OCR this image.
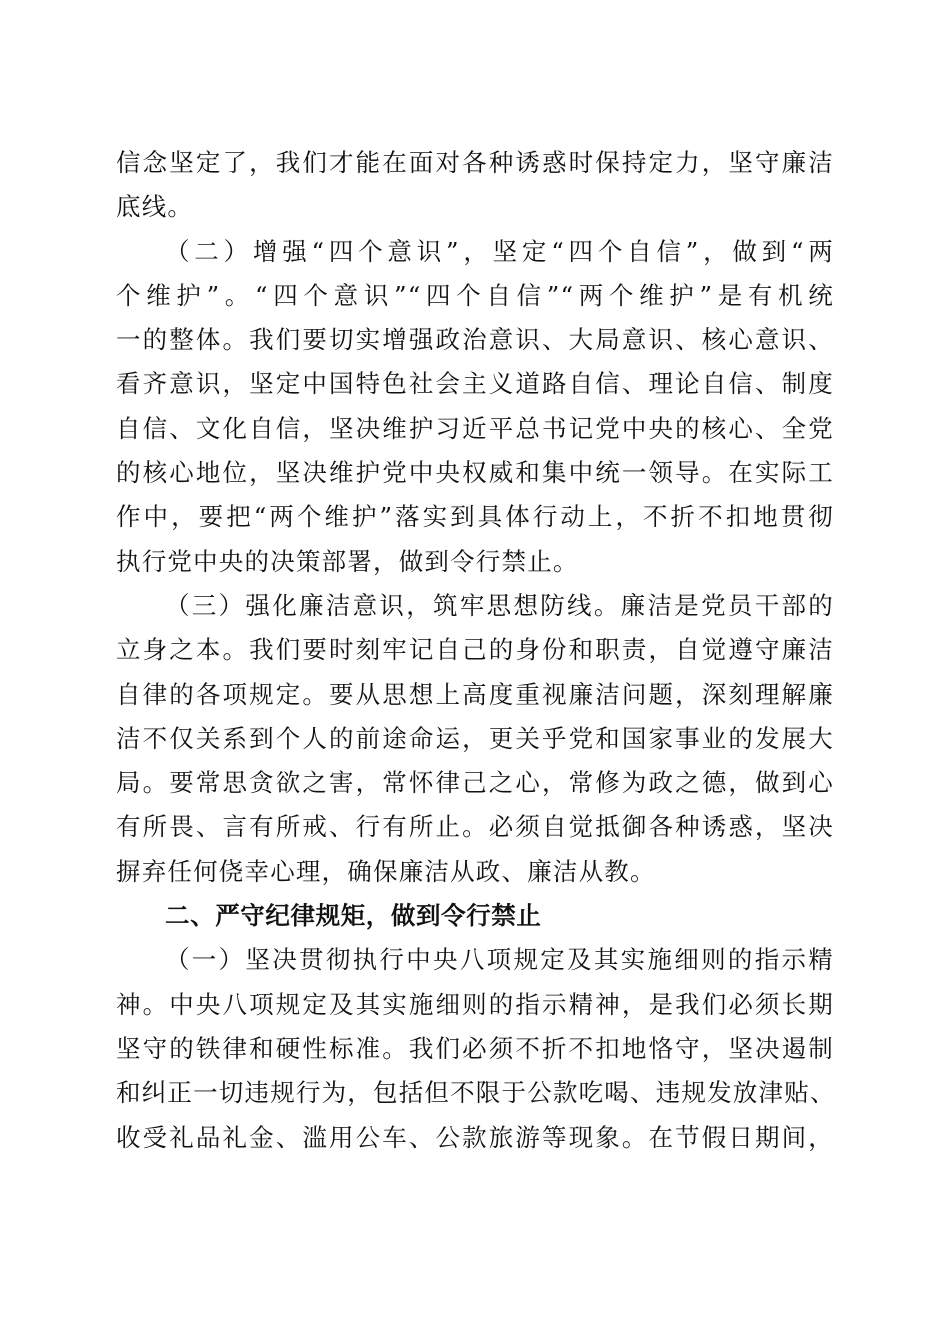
信念坚定了，我们才能在面对各种诱惑时保持定力，坚守廉洁
底线。
（二）增强“四个意识”，坚定“四个自信”，做到“两
个维护”。“四个意识”“四个自信”“两个维护”是有机统
一的整体。我们要切实增强政治意识、大局意识、核心意识、
看齐意识，坚定中国特色社会主义道路自信、理论自信、制度
自信、文化自信，坚决维护习近平总书记党中央的核心、全党
的核心地位，坚决维护党中央权威和集中统一领导。在实际工
作中，要把“两个维护”落实到具体行动上，不折不扣地贯彻
执行党中央的决策部署，做到令行禁止。
（三）强化廉洁意识，筑牢思想防线。廉洁是党员干部的
立身之本。我们要时刻牢记自己的身份和职责，自觉遵守廉洁
自律的各项规定。要从思想上高度重视廉洁问题，深刻理解廉
洁不仅关系到个人的前途命运，更关乎党和国家事业的发展大
局。要常思贪欲之害，常怀律己之心，常修为政之德，做到心
有所畏、言有所戒、行有所止。必须自觉抵御各种诱惑，坚决
摒弃任何侥幸心理，确保廉洁从政、廉洁从教。
二、严守纪律规矩，做到令行禁止
（一）坚决贯彻执行中央八项规定及其实施细则的指示精
神。中央八项规定及其实施细则的指示精神，是我们必须长期
坚守的铁律和硬性标准。我们必须不折不扣地恪守，坚决遏制
和纠正一切违规行为，包括但不限于公款吃喝、违规发放津贴、
收受礼品礼金、滥用公车、公款旅游等现象。在节假日期间，
